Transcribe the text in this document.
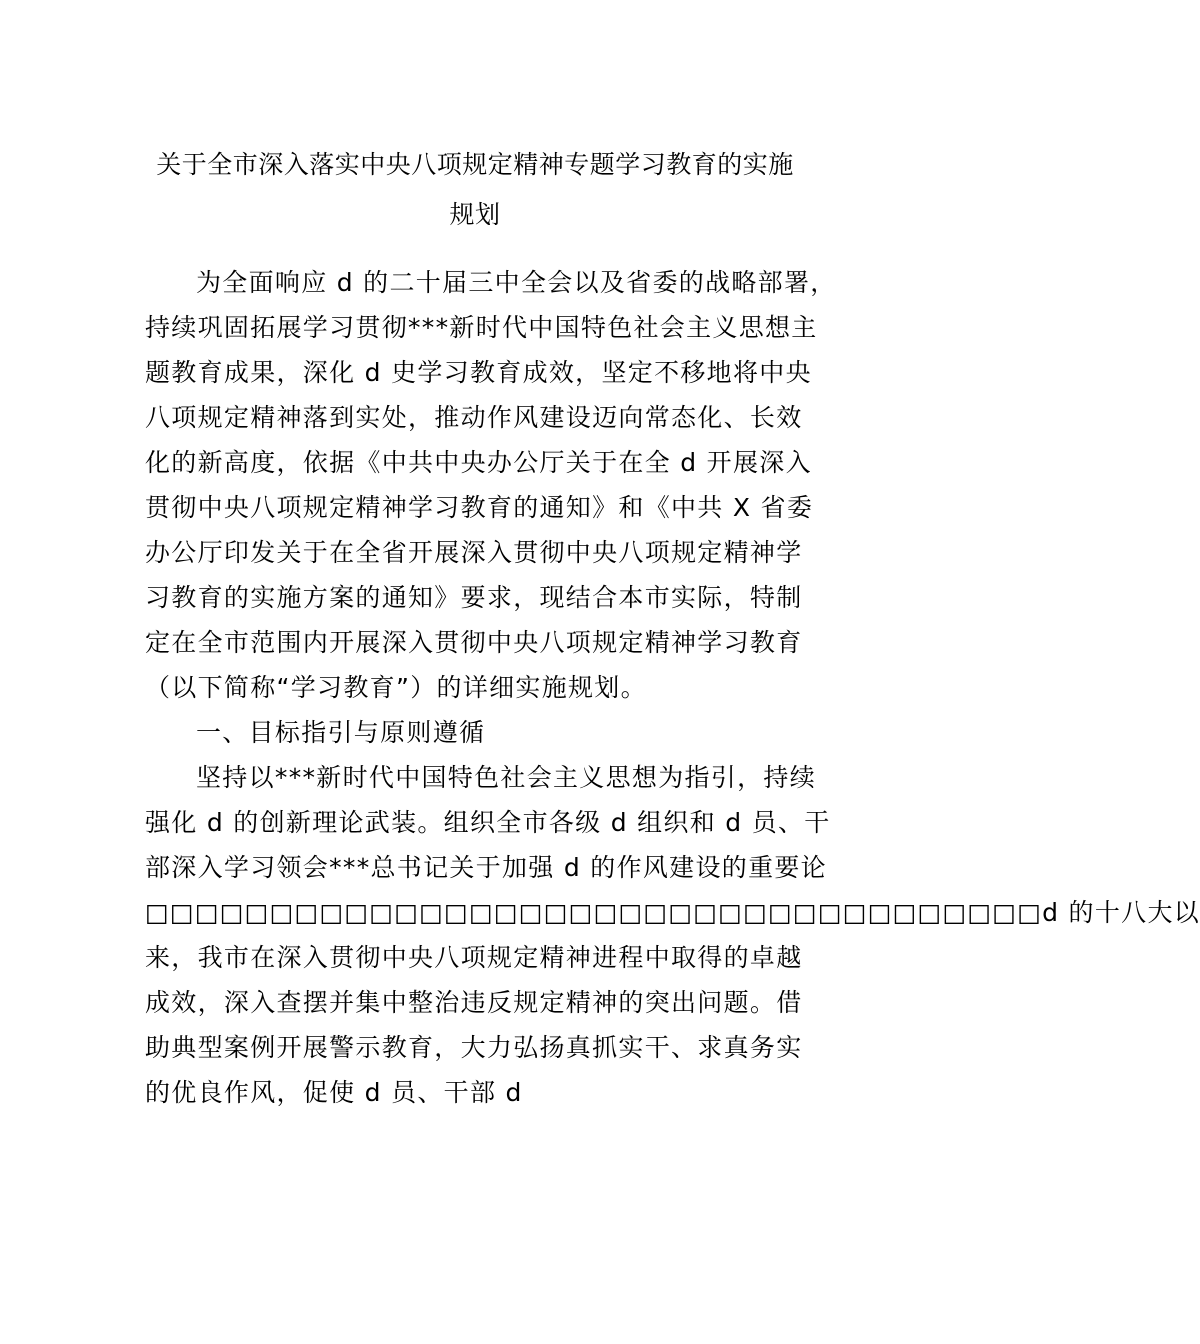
关于全市深入落实中央八项规定精神专题学习教育的实施
规划
为全面响应 d 的二十届三中全会以及省委的战略部署，
持续巩固拓展学习贯彻***新时代中国特色社会主义思想主
题教育成果，深化 d 史学习教育成效，坚定不移地将中央
八项规定精神落到实处，推动作风建设迈向常态化、长效
化的新高度，依据《中共中央办公厅关于在全 d 开展深入
贯彻中央八项规定精神学习教育的通知》和《中共 X 省委
办公厅印发关于在全省开展深入贯彻中央八项规定精神学
习教育的实施方案的通知》要求，现结合本市实际，特制
定在全市范围内开展深入贯彻中央八项规定精神学习教育
（以下简称“学习教育”）的详细实施规划。
一、目标指引与原则遵循
坚持以***新时代中国特色社会主义思想为指引，持续
强化 d 的创新理论武装。组织全市各级 d 组织和 d 员、干
部深入学习领会***总书记关于加强 d 的作风建设的重要论
□□□□□□□□□□□□□□□□□□□□□□□□□□□□□□□□□□□□d 的十八大以
来，我市在深入贯彻中央八项规定精神进程中取得的卓越
成效，深入查摆并集中整治违反规定精神的突出问题。借
助典型案例开展警示教育，大力弘扬真抓实干、求真务实
的优良作风，促使 d 员、干部 d
